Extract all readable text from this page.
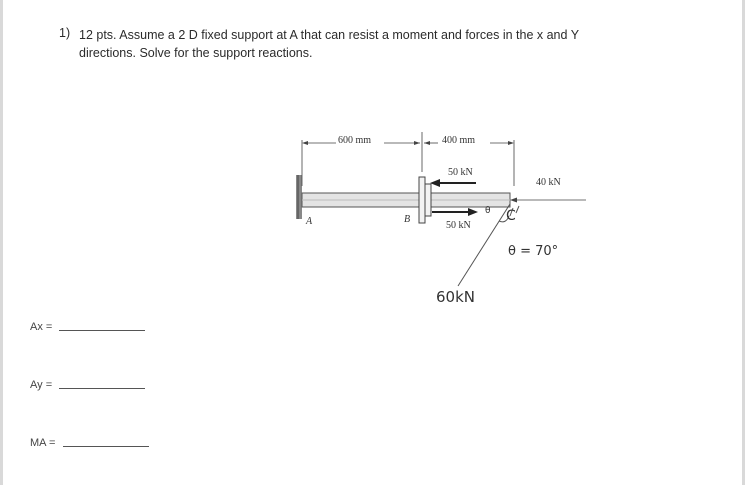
1) 12 pts. Assume a 2 D fixed support at A that can resist a moment and forces in the x and Y
directions. Solve for the support reactions.
600 mm	400 mm
50 kN
40 kN
50 kN
A	B
θ C
θ = 70°
60kN
Ax =
Ay =
MA =
